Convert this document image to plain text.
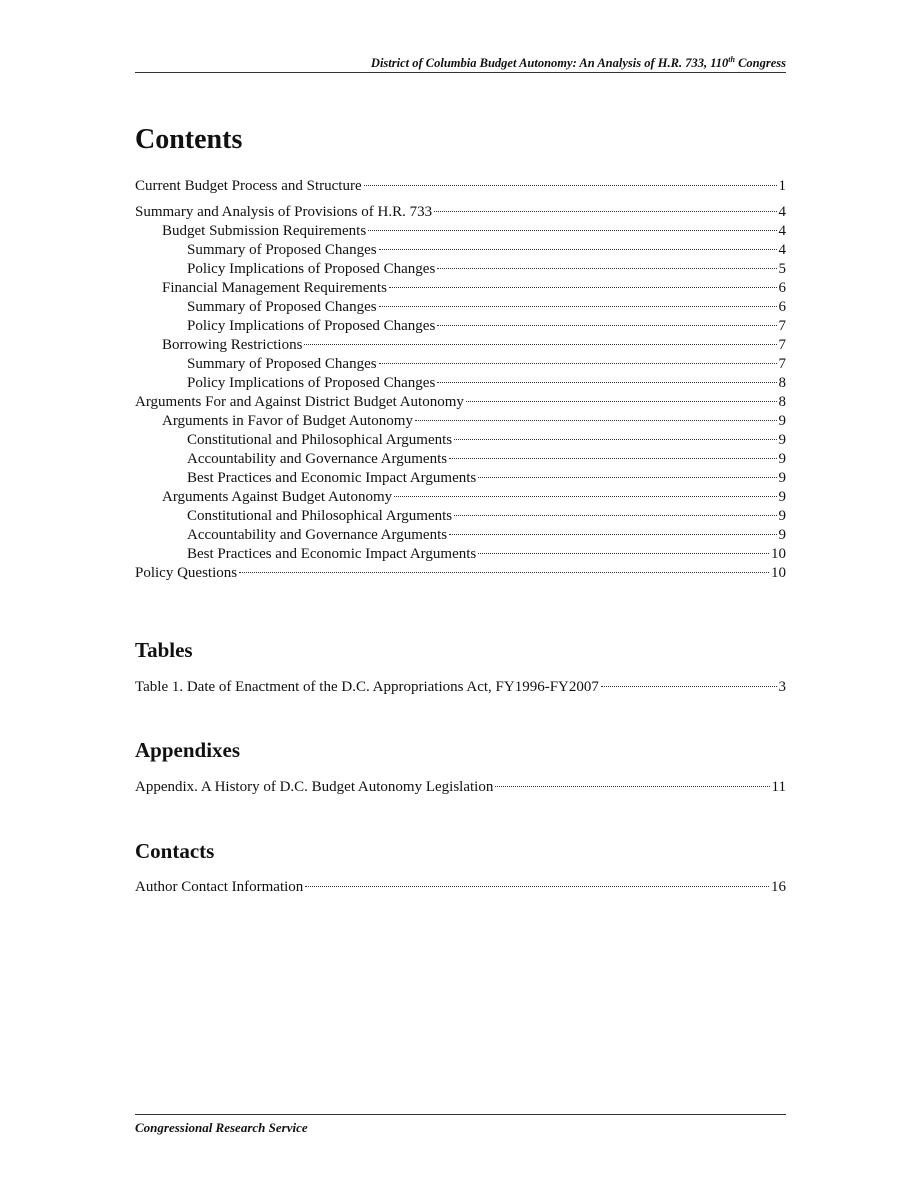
District of Columbia Budget Autonomy: An Analysis of H.R. 733, 110th Congress
Contents
Current Budget Process and Structure	1
Summary and Analysis of Provisions of H.R. 733	4
Budget Submission Requirements	4
Summary of Proposed Changes	4
Policy Implications of Proposed Changes	5
Financial Management Requirements	6
Summary of Proposed Changes	6
Policy Implications of Proposed Changes	7
Borrowing Restrictions	7
Summary of Proposed Changes	7
Policy Implications of Proposed Changes	8
Arguments For and Against District Budget Autonomy	8
Arguments in Favor of Budget Autonomy	9
Constitutional and Philosophical Arguments	9
Accountability and Governance Arguments	9
Best Practices and Economic Impact Arguments	9
Arguments Against Budget Autonomy	9
Constitutional and Philosophical Arguments	9
Accountability and Governance Arguments	9
Best Practices and Economic Impact Arguments	10
Policy Questions	10
Tables
Table 1. Date of Enactment of the D.C. Appropriations Act, FY1996-FY2007	3
Appendixes
Appendix. A History of D.C. Budget Autonomy Legislation	11
Contacts
Author Contact Information	16
Congressional Research Service
